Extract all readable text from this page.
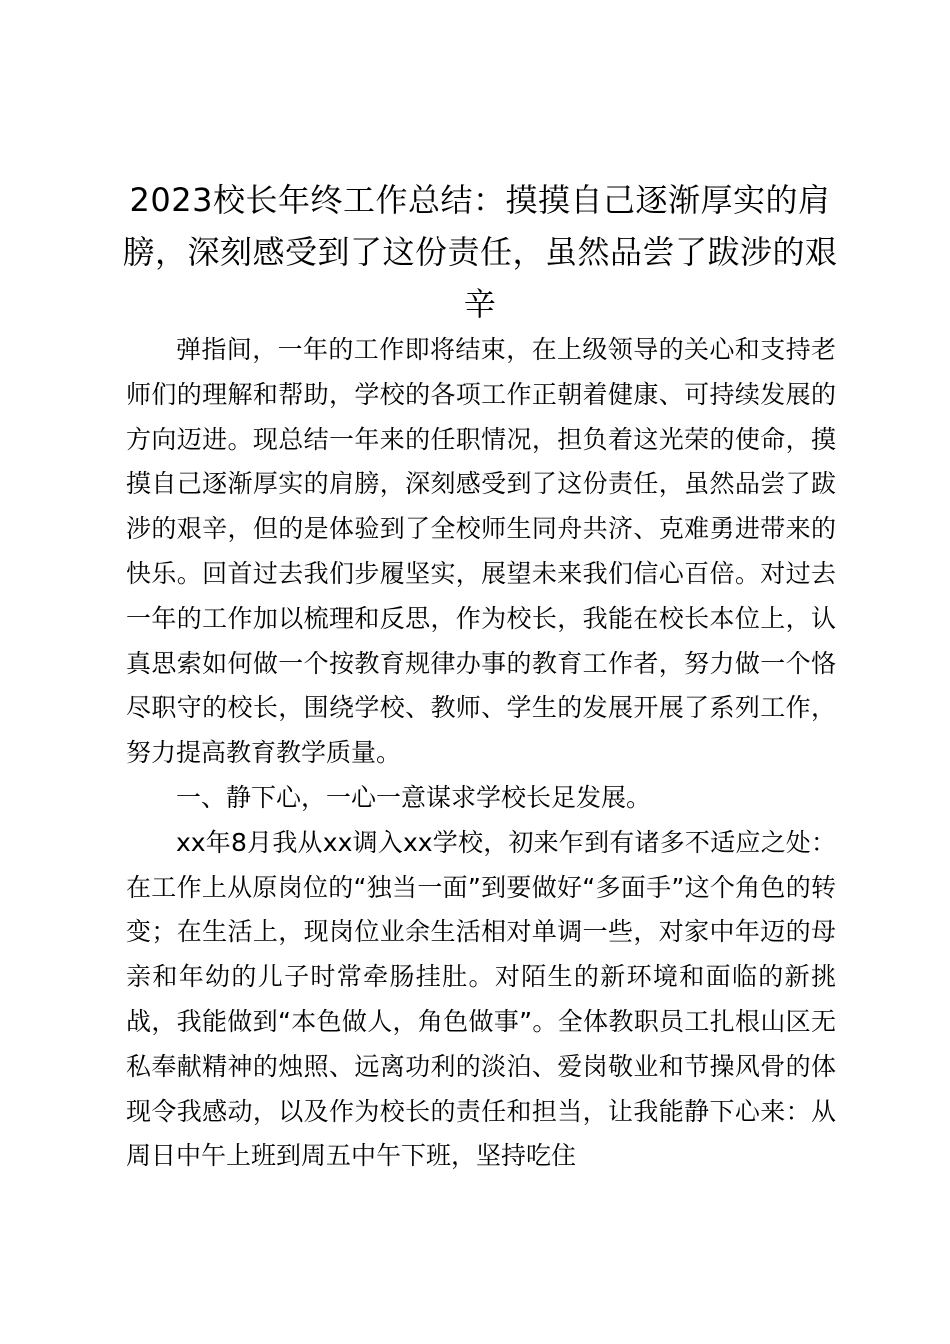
2023校长年终工作总结：摸摸自己逐渐厚实的肩膀，深刻感受到了这份责任，虽然品尝了跋涉的艰辛

弹指间，一年的工作即将结束，在上级领导的关心和支持老师们的理解和帮助，学校的各项工作正朝着健康、可持续发展的方向迈进。现总结一年来的任职情况，担负着这光荣的使命，摸摸自己逐渐厚实的肩膀，深刻感受到了这份责任，虽然品尝了跋涉的艰辛，但的是体验到了全校师生同舟共济、克难勇进带来的快乐。回首过去我们步履坚实，展望未来我们信心百倍。对过去一年的工作加以梳理和反思，作为校长，我能在校长本位上，认真思索如何做一个按教育规律办事的教育工作者，努力做一个恪尽职守的校长，围绕学校、教师、学生的发展开展了系列工作，努力提高教育教学质量。

一、静下心，一心一意谋求学校长足发展。

xx年8月我从xx调入xx学校，初来乍到有诸多不适应之处：在工作上从原岗位的“独当一面”到要做好“多面手”这个角色的转变；在生活上，现岗位业余生活相对单调一些，对家中年迈的母亲和年幼的儿子时常牵肠挂肚。对陌生的新环境和面临的新挑战，我能做到“本色做人，角色做事”。全体教职员工扎根山区无私奉献精神的烛照、远离功利的淡泊、爱岗敬业和节操风骨的体现令我感动，以及作为校长的责任和担当，让我能静下心来：从周日中午上班到周五中午下班，坚持吃住
